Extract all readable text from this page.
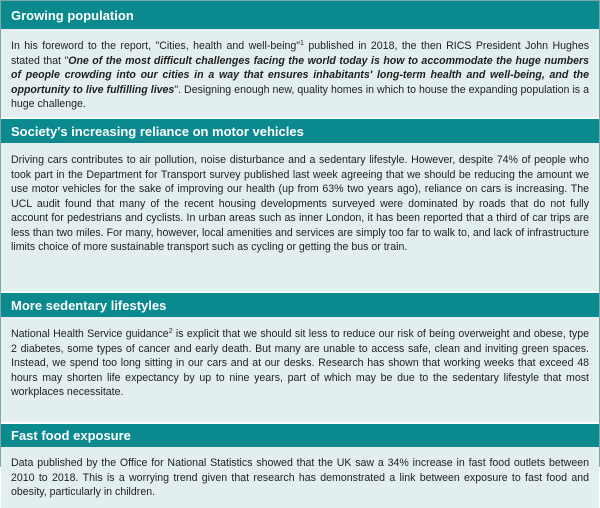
Growing population
In his foreword to the report, "Cities, health and well-being"$^1$ published in 2018, the then RICS President John Hughes stated that "One of the most difficult challenges facing the world today is how to accommodate the huge numbers of people crowding into our cities in a way that ensures inhabitants' long-term health and well-being, and the opportunity to live fulfilling lives". Designing enough new, quality homes in which to house the expanding population is a huge challenge.
Society's increasing reliance on motor vehicles
Driving cars contributes to air pollution, noise disturbance and a sedentary lifestyle. However, despite 74% of people who took part in the Department for Transport survey published last week agreeing that we should be reducing the amount we use motor vehicles for the sake of improving our health (up from 63% two years ago), reliance on cars is increasing. The UCL audit found that many of the recent housing developments surveyed were dominated by roads that do not fully account for pedestrians and cyclists. In urban areas such as inner London, it has been reported that a third of car trips are less than two miles. For many, however, local amenities and services are simply too far to walk to, and lack of infrastructure limits choice of more sustainable transport such as cycling or getting the bus or train.
More sedentary lifestyles
National Health Service guidance$^2$ is explicit that we should sit less to reduce our risk of being overweight and obese, type 2 diabetes, some types of cancer and early death. But many are unable to access safe, clean and inviting green spaces. Instead, we spend too long sitting in our cars and at our desks. Research has shown that working weeks that exceed 48 hours may shorten life expectancy by up to nine years, part of which may be due to the sedentary lifestyle that most workplaces necessitate.
Fast food exposure
Data published by the Office for National Statistics showed that the UK saw a 34% increase in fast food outlets between 2010 to 2018. This is a worrying trend given that research has demonstrated a link between exposure to fast food and obesity, particularly in children.
